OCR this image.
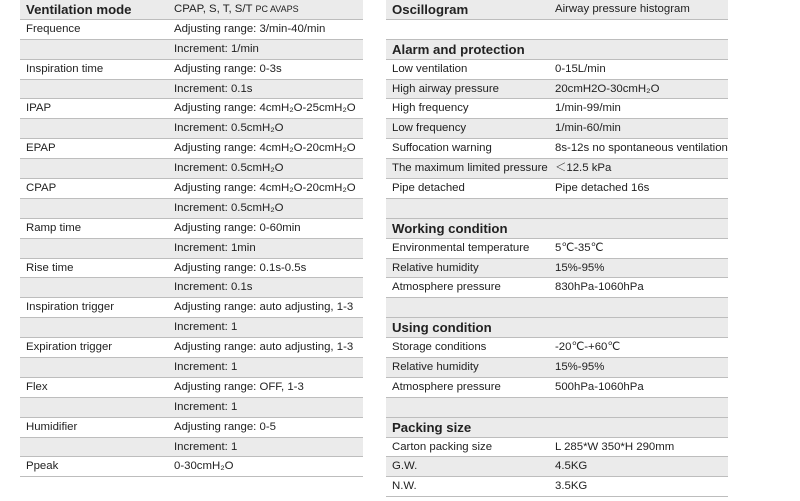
Ventilation mode	CPAP, S, T, S/T PC AVAPS
Frequence	Adjusting range: 3/min-40/min
Increment: 1/min
Inspiration time	Adjusting range: 0-3s
Increment: 0.1s
IPAP	Adjusting range: 4cmH₂O-25cmH₂O
Increment: 0.5cmH₂O
EPAP	Adjusting range: 4cmH₂O-20cmH₂O
Increment: 0.5cmH₂O
CPAP	Adjusting range: 4cmH₂O-20cmH₂O
Increment: 0.5cmH₂O
Ramp time	Adjusting range: 0-60min
Increment: 1min
Rise time	Adjusting range: 0.1s-0.5s
Increment: 0.1s
Inspiration trigger	Adjusting range: auto adjusting, 1-3
Increment: 1
Expiration trigger	Adjusting range: auto adjusting, 1-3
Increment: 1
Flex	Adjusting range: OFF, 1-3
Increment: 1
Humidifier	Adjusting range: 0-5
Increment: 1
Ppeak	0-30cmH₂O
Oscillogram	Airway pressure histogram
Alarm and protection
Low ventilation	0-15L/min
High airway pressure	20cmH2O-30cmH₂O
High frequency	1/min-99/min
Low frequency	1/min-60/min
Suffocation warning	8s-12s no spontaneous ventilation
The maximum limited pressure ＜12.5 kPa
Pipe detached	Pipe detached 16s
Working condition
Environmental temperature 5℃-35℃
Relative humidity	15%-95%
Atmosphere pressure	830hPa-1060hPa
Using condition
Storage conditions	-20℃-+60℃
Relative humidity	15%-95%
Atmosphere pressure	500hPa-1060hPa
Packing size
Carton packing size	L 285*W 350*H 290mm
G.W.	4.5KG
N.W.	3.5KG
